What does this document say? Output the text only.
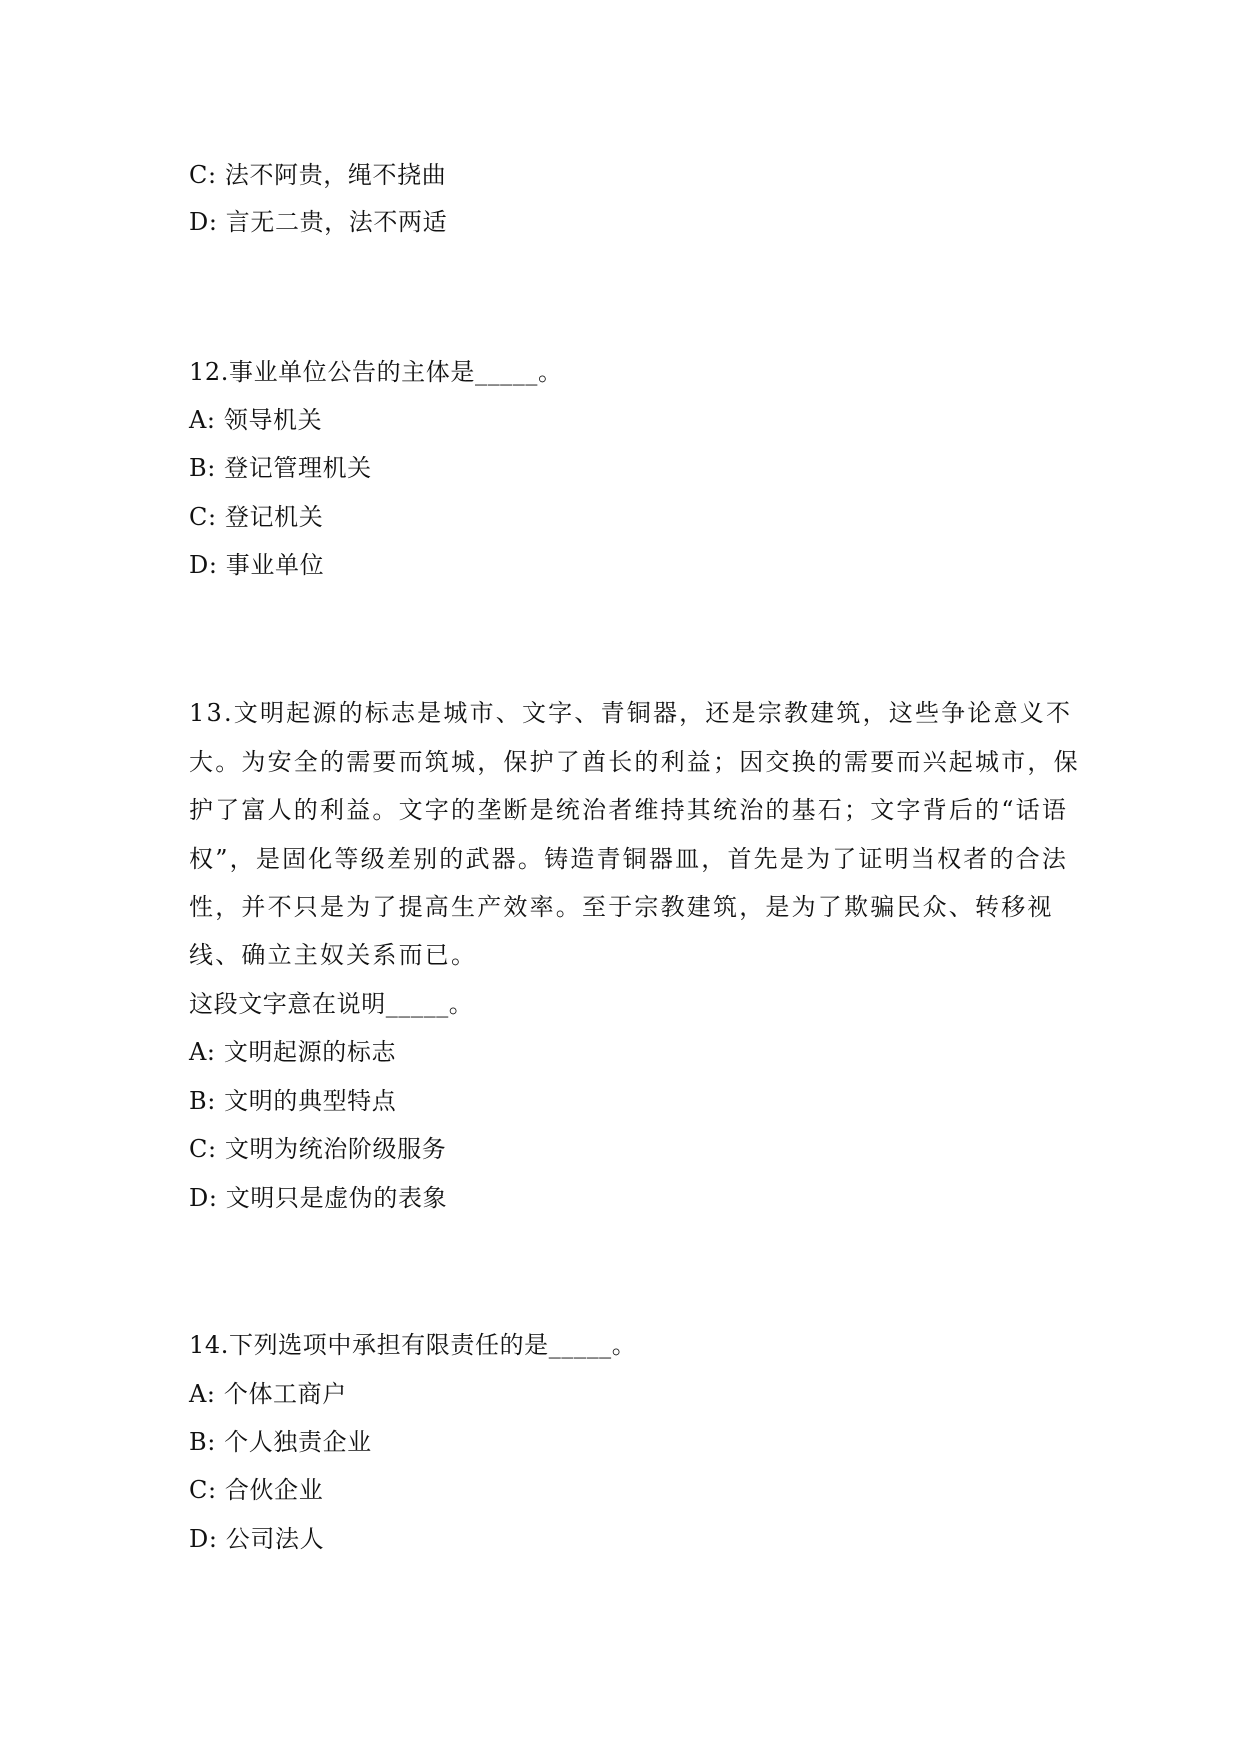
C: 法不阿贵，绳不挠曲
D: 言无二贵，法不两适
12.事业单位公告的主体是_____。
A: 领导机关
B: 登记管理机关
C: 登记机关
D: 事业单位
13.文明起源的标志是城市、文字、青铜器，还是宗教建筑，这些争论意义不
大。为安全的需要而筑城，保护了酋长的利益；因交换的需要而兴起城市，保
护了富人的利益。文字的垄断是统治者维持其统治的基石；文字背后的“话语
权”，是固化等级差别的武器。铸造青铜器皿，首先是为了证明当权者的合法
性，并不只是为了提高生产效率。至于宗教建筑，是为了欺骗民众、转移视
线、确立主奴关系而已。
这段文字意在说明_____。
A: 文明起源的标志
B: 文明的典型特点
C: 文明为统治阶级服务
D: 文明只是虚伪的表象
14.下列选项中承担有限责任的是_____。
A: 个体工商户
B: 个人独责企业
C: 合伙企业
D: 公司法人
